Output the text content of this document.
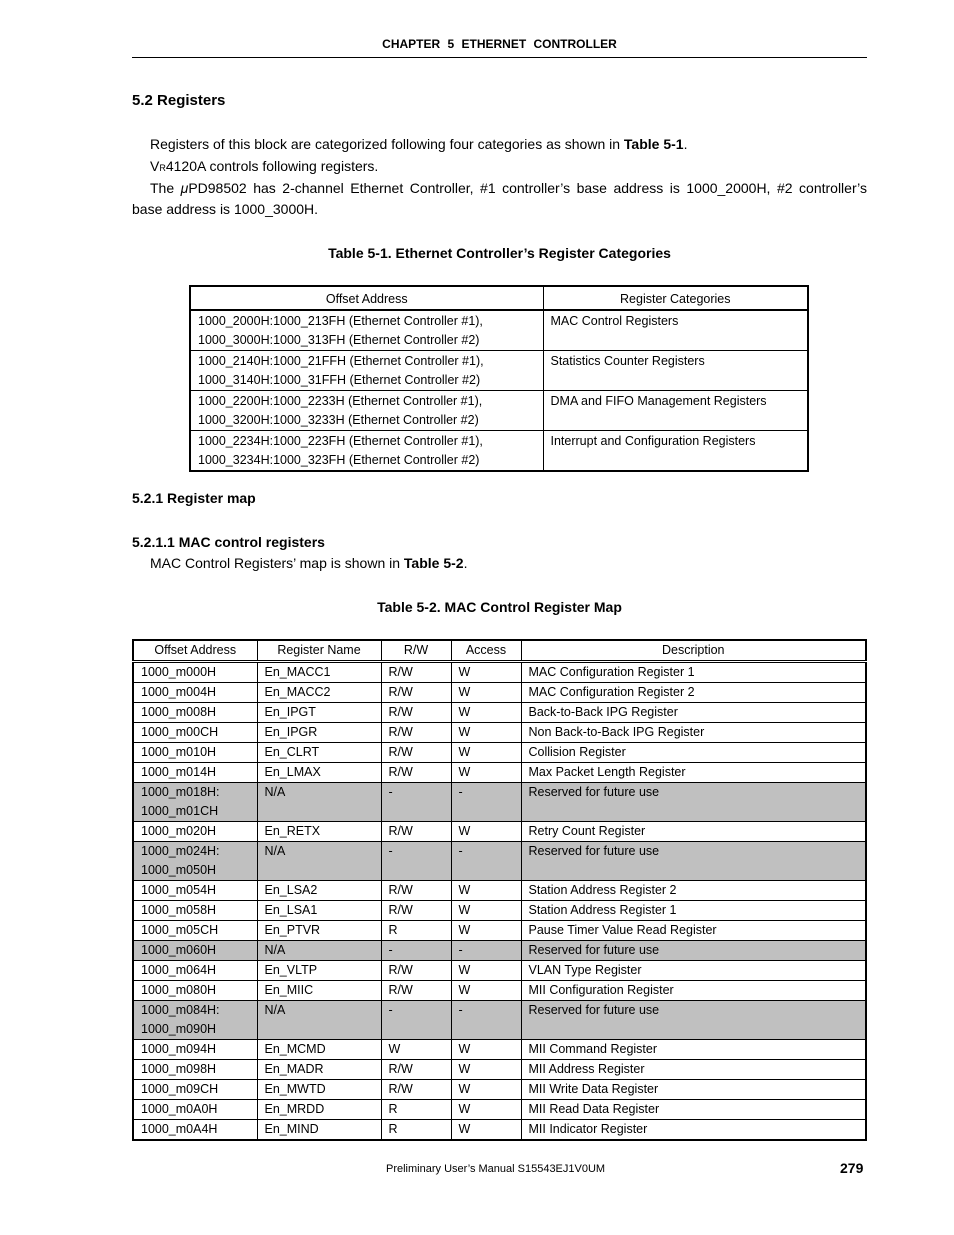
CHAPTER 5 ETHERNET CONTROLLER
5.2 Registers
Registers of this block are categorized following four categories as shown in Table 5-1.
VR4120A controls following registers.
The μPD98502 has 2-channel Ethernet Controller, #1 controller’s base address is 1000_2000H, #2 controller’s base address is 1000_3000H.
Table 5-1. Ethernet Controller’s Register Categories
Offset Address	Register Categories

1000_2000H:1000_213FH (Ethernet Controller #1),
1000_3000H:1000_313FH (Ethernet Controller #2)	MAC Control Registers

1000_2140H:1000_21FFH (Ethernet Controller #1),
1000_3140H:1000_31FFH (Ethernet Controller #2)	Statistics Counter Registers

1000_2200H:1000_2233H (Ethernet Controller #1),
1000_3200H:1000_3233H (Ethernet Controller #2)	DMA and FIFO Management Registers

1000_2234H:1000_223FH (Ethernet Controller #1),
1000_3234H:1000_323FH (Ethernet Controller #2)	Interrupt and Configuration Registers
5.2.1 Register map
5.2.1.1 MAC control registers
MAC Control Registers’ map is shown in Table 5-2.
Table 5-2. MAC Control Register Map
Offset Address	Register Name	R/W	Access	Description
1000_m000H	En_MACC1	R/W	W	MAC Configuration Register 1
1000_m004H	En_MACC2	R/W	W	MAC Configuration Register 2
1000_m008H	En_IPGT	R/W	W	Back-to-Back IPG Register
1000_m00CH	En_IPGR	R/W	W	Non Back-to-Back IPG Register
1000_m010H	En_CLRT	R/W	W	Collision Register
1000_m014H	En_LMAX	R/W	W	Max Packet Length Register

1000_m018H:
1000_m01CH	N/A	-	-	Reserved for future use
1000_m020H	En_RETX	R/W	W	Retry Count Register

1000_m024H:
1000_m050H	N/A	-	-	Reserved for future use
1000_m054H	En_LSA2	R/W	W	Station Address Register 2
1000_m058H	En_LSA1	R/W	W	Station Address Register 1
1000_m05CH	En_PTVR	R	W	Pause Timer Value Read Register
1000_m060H	N/A	-	-	Reserved for future use
1000_m064H	En_VLTP	R/W	W	VLAN Type Register
1000_m080H	En_MIIC	R/W	W	MII Configuration Register

1000_m084H:
1000_m090H	N/A	-	-	Reserved for future use
1000_m094H	En_MCMD	W	W	MII Command Register
1000_m098H	En_MADR	R/W	W	MII Address Register
1000_m09CH	En_MWTD	R/W	W	MII Write Data Register
1000_m0A0H	En_MRDD	R	W	MII Read Data Register
1000_m0A4H	En_MIND	R	W	MII Indicator Register
Preliminary User’s Manual S15543EJ1V0UM	279
